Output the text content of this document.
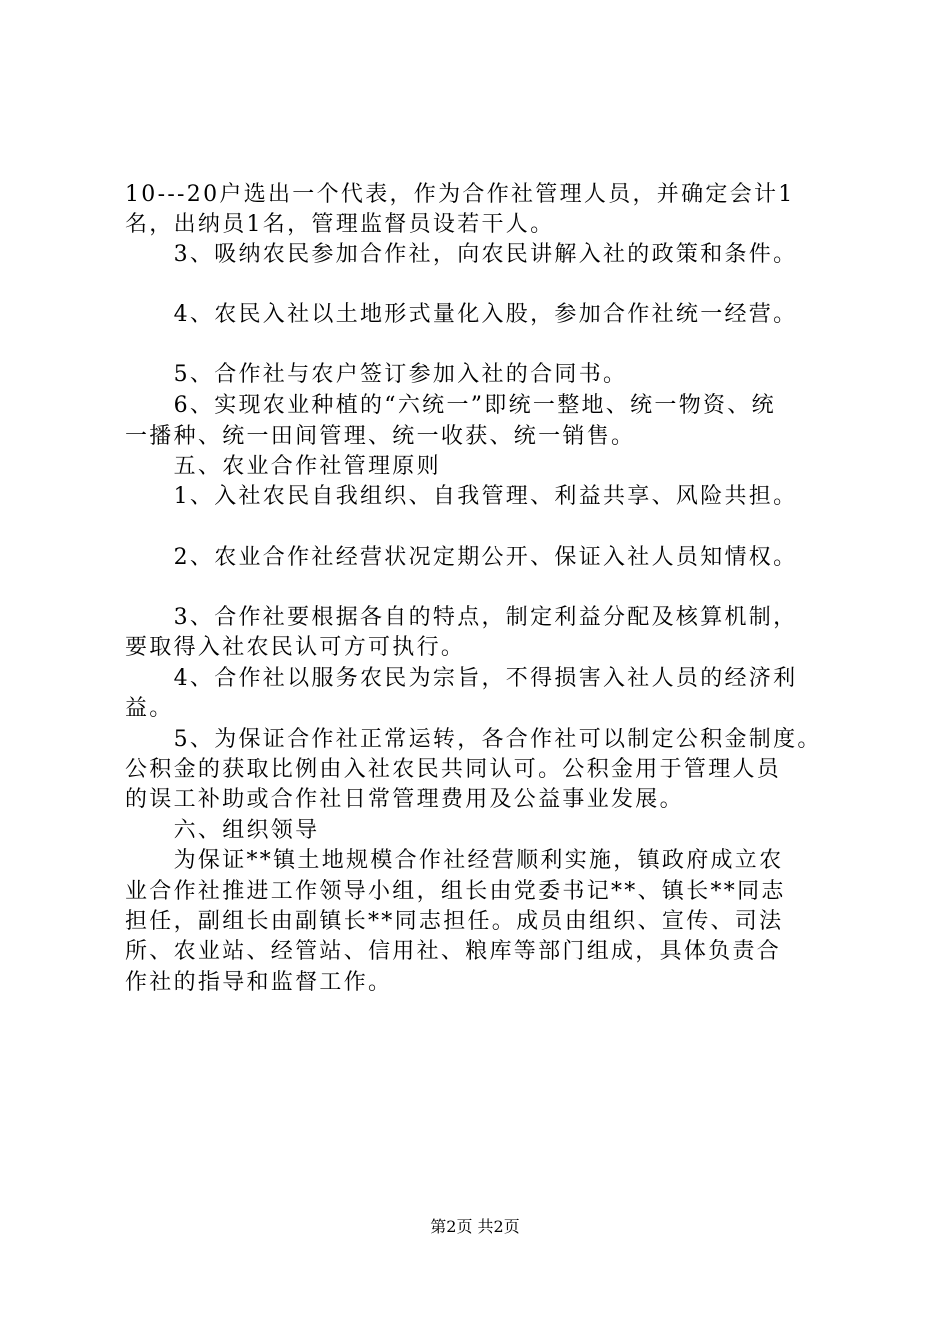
10---20户选出一个代表，作为合作社管理人员，并确定会计1
名，出纳员1名，管理监督员设若干人。
　　3、吸纳农民参加合作社，向农民讲解入社的政策和条件。
　　4、农民入社以土地形式量化入股，参加合作社统一经营。
　　5、合作社与农户签订参加入社的合同书。
　　6、实现农业种植的“六统一”即统一整地、统一物资、统
一播种、统一田间管理、统一收获、统一销售。
　　五、农业合作社管理原则
　　1、入社农民自我组织、自我管理、利益共享、风险共担。
　　2、农业合作社经营状况定期公开、保证入社人员知情权。
　　3、合作社要根据各自的特点，制定利益分配及核算机制，
要取得入社农民认可方可执行。
　　4、合作社以服务农民为宗旨，不得损害入社人员的经济利
益。
　　5、为保证合作社正常运转，各合作社可以制定公积金制度。
公积金的获取比例由入社农民共同认可。公积金用于管理人员
的误工补助或合作社日常管理费用及公益事业发展。
　　六、组织领导
　　为保证**镇土地规模合作社经营顺利实施，镇政府成立农
业合作社推进工作领导小组，组长由党委书记**、镇长**同志
担任，副组长由副镇长**同志担任。成员由组织、宣传、司法
所、农业站、经管站、信用社、粮库等部门组成，具体负责合
作社的指导和监督工作。
第2页 共2页
